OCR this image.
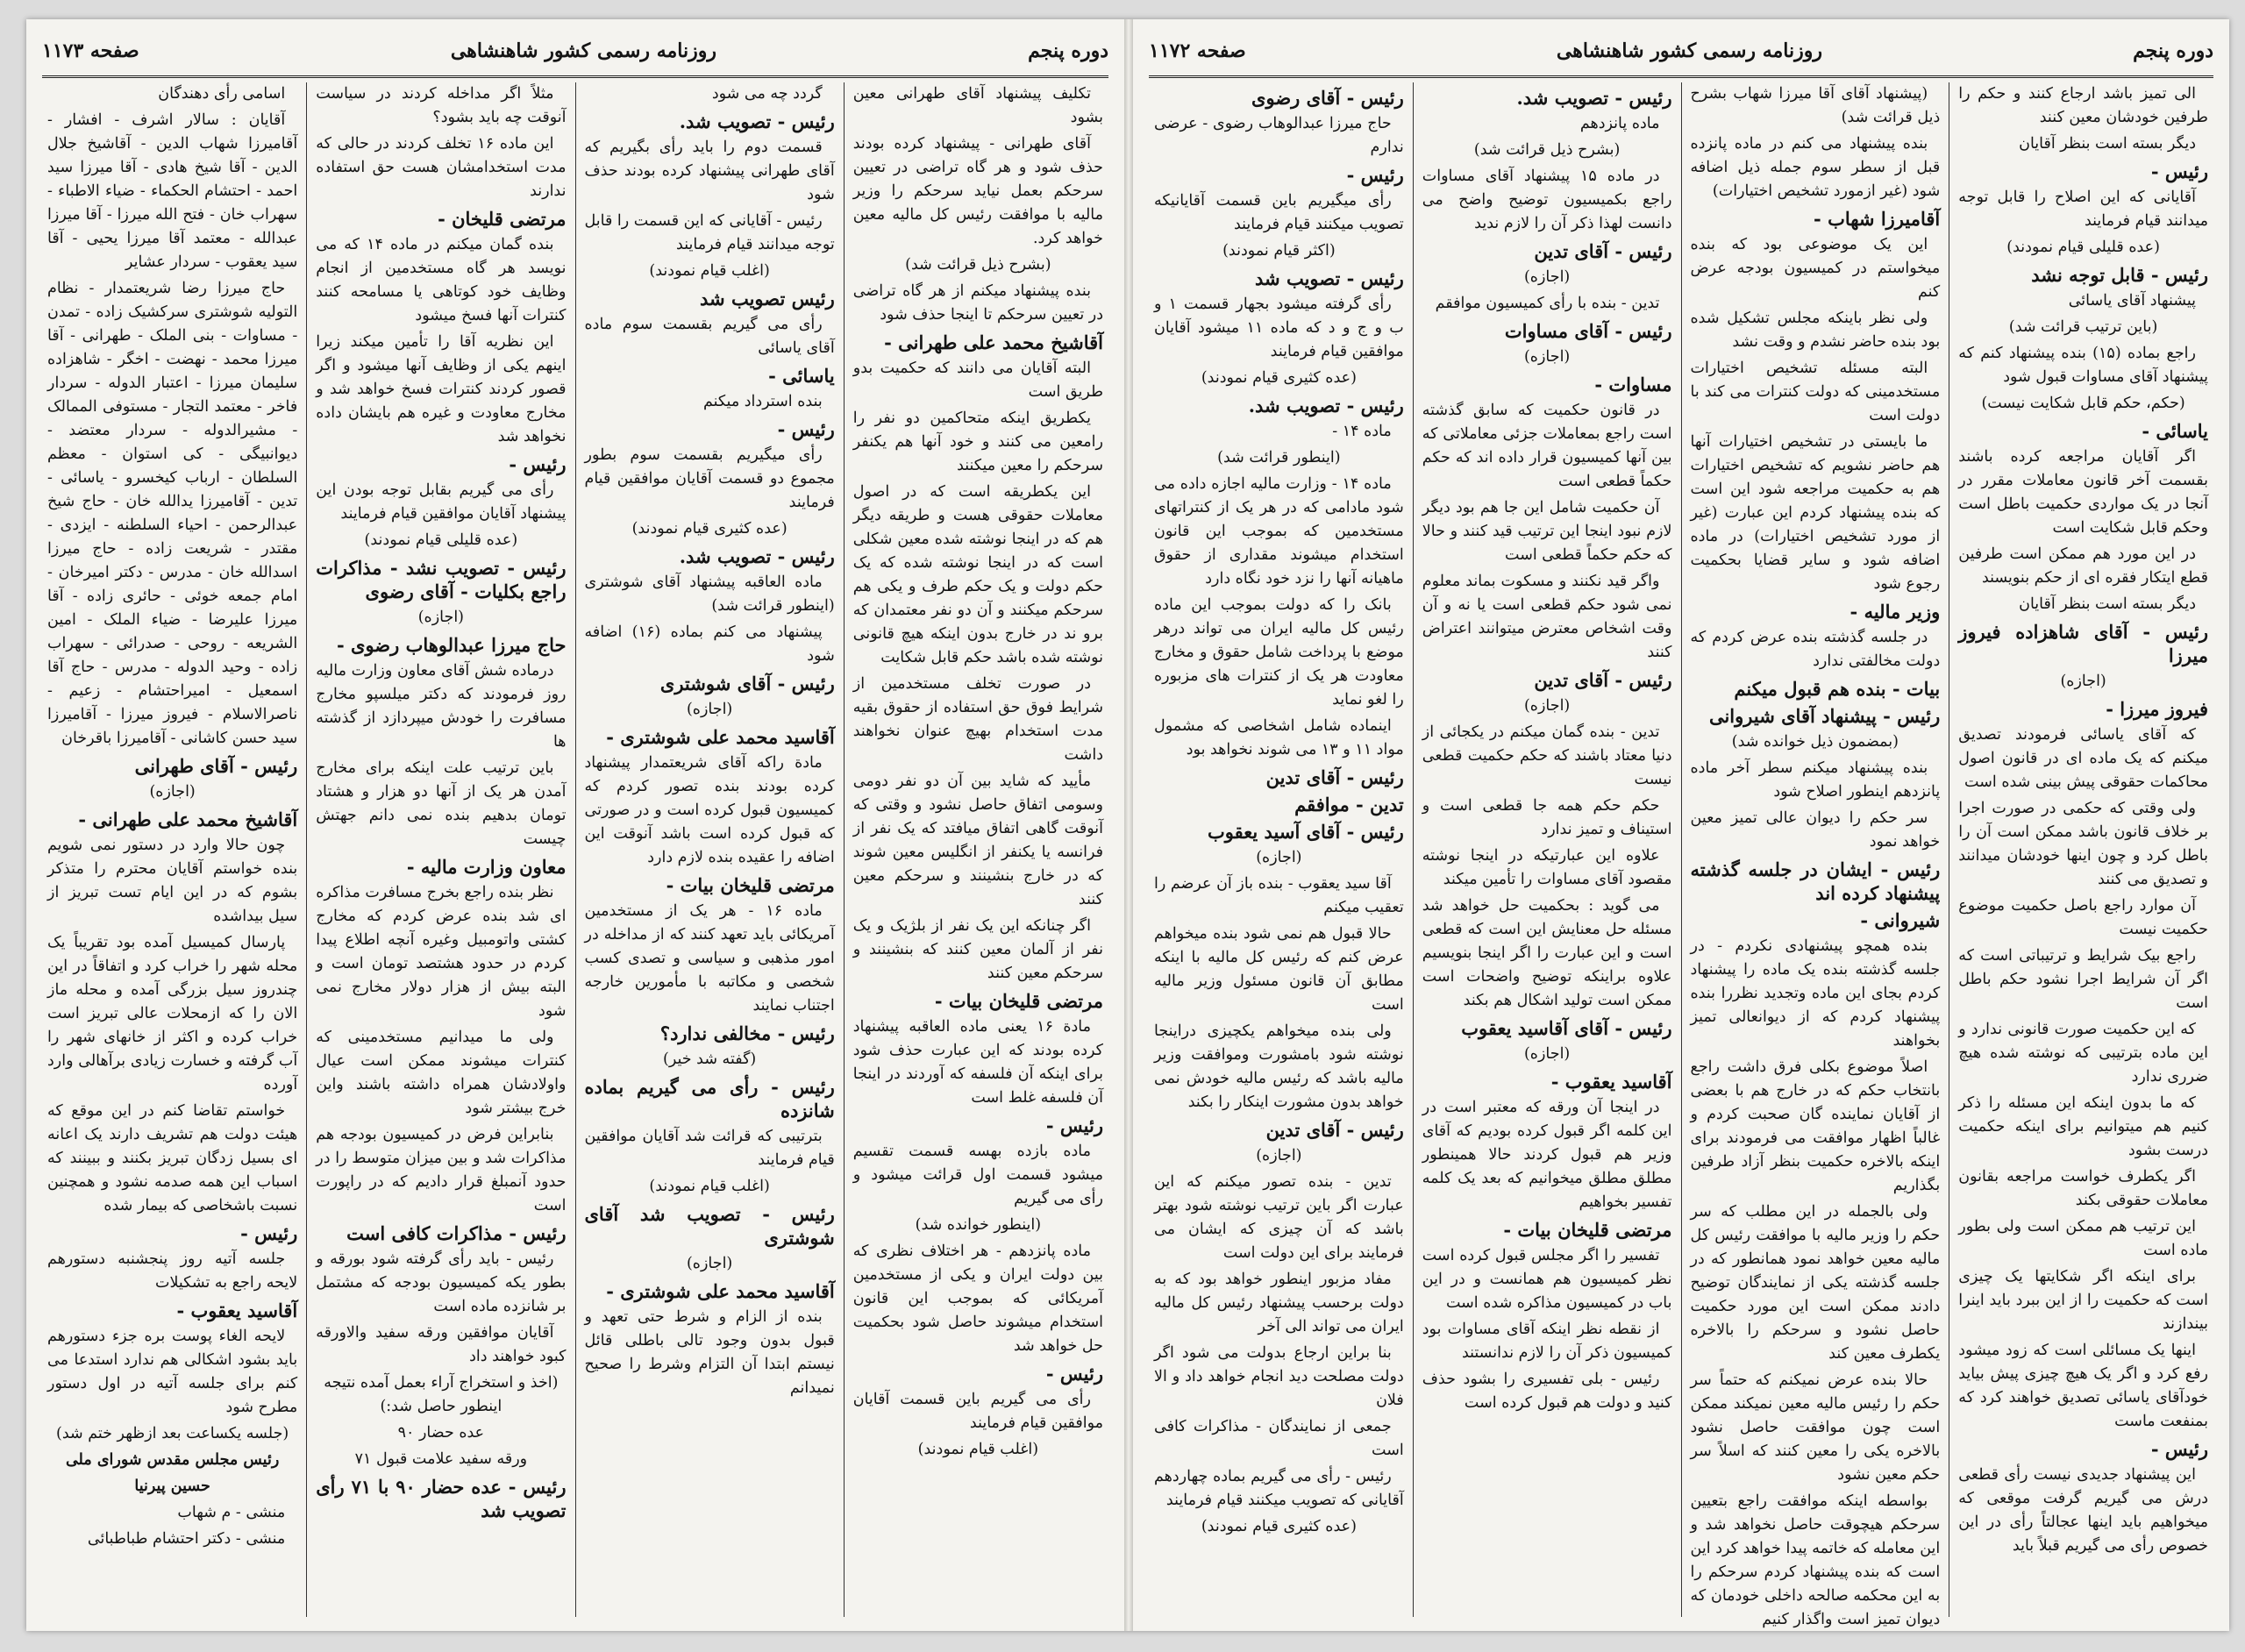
دوره پنجم
روزنامه رسمی کشور شاهنشاهی
صفحه ۱۱۷۳

تکلیف پیشنهاد آقای طهرانی معین بشود

آقای طهرانی - پیشنهاد کرده بودند حذف شود و هر گاه تراضی در تعیین سرحکم بعمل نیاید سرحکم را وزیر مالیه با موافقت رئیس کل مالیه معین خواهد کرد.

(بشرح ذیل قرائت شد)

بنده پیشنهاد میکنم از هر گاه تراضی در تعیین سرحکم تا اینجا حذف شود

آقاشیخ محمد علی طهرانی -

البته آقایان می دانند که حکمیت بدو طریق است

یکطریق اینکه متحاکمین دو نفر را رامعین می کنند و خود آنها هم یکنفر سرحکم را معین میکنند

این یکطریقه است که در اصول معاملات حقوقی هست و طریقه دیگر هم که در اینجا نوشته شده معین شکلی است که در اینجا نوشته شده که یک حکم دولت و یک حکم طرف و یکی هم سرحکم میکنند و آن دو نفر معتمدان که برو ند در خارج بدون اینکه هیچ قانونی نوشته شده باشد حکم قابل شکایت

در صورت تخلف مستخدمین از شرایط فوق حق استفاده از حقوق بقیه مدت استخدام بهیچ عنوان نخواهند داشت

مأیید که شاید بین آن دو نفر دومی وسومی اتفاق حاصل نشود و وقتی که آنوقت گاهی اتفاق میافتد که یک نفر از فرانسه یا یکنفر از انگلیس معین شوند که در خارج بنشینند و سرحکم معین کنند

اگر چنانکه این یک نفر از بلژیک و یک نفر از آلمان معین کنند که بنشینند و سرحکم معین کنند

مرتضی قلیخان بیات -

مادة ۱۶ یعنی ماده العاقبه پیشنهاد کرده بودند که این عبارت حذف شود برای اینکه آن فلسفه که آوردند در اینجا آن فلسفه غلط است

رئیس -

ماده بازده بهسه قسمت تقسیم میشود قسمت اول قرائت میشود و رأی می گیریم

(اینطور خوانده شد)

ماده پانزدهم - هر اختلاف نظری که بین دولت ایران و یکی از مستخدمین آمریکائی که بموجب این قانون استخدام میشوند حاصل شود بحکمیت حل خواهد شد

رئیس -

رأی می گیریم باین قسمت آقایان موافقین قیام فرمایند

(اغلب قیام نمودند)

گردد چه می شود

رئیس - تصویب شد.

قسمت دوم را باید رأی بگیریم که آقای طهرانی پیشنهاد کرده بودند حذف شود

رئیس - آقایانی که این قسمت را قابل توجه میدانند قیام فرمایند

(اغلب قیام نمودند)

رئیس تصویب شد

رأی می گیریم بقسمت سوم ماده آقای یاسائی

یاسائی -

بنده استرداد میکنم

رئیس -

رأی میگیریم بقسمت سوم بطور مجموع دو قسمت آقایان موافقین قیام فرمایند

(عده کثیری قیام نمودند)

رئیس - تصویب شد.

ماده العاقبه پیشنهاد آقای شوشتری (اینطور قرائت شد)

پیشنهاد می کنم بماده (۱۶) اضافه شود

رئیس - آقای شوشتری

(اجازه)

آقاسید محمد علی شوشتری -

مادة راکه آقای شریعتمدار پیشنهاد کرده بودند بنده تصور کردم که کمیسیون قبول کرده است و در صورتی که قبول کرده است باشد آنوقت این اضافه را عقیده بنده لازم دارد

مرتضی قلیخان بیات -

ماده ۱۶ - هر یک از مستخدمین آمریکائی باید تعهد کنند که از مداخله در امور مذهبی و سیاسی و تصدی کسب شخصی و مکاتبه با مأمورین خارجه اجتناب نمایند

رئیس - مخالفی ندارد؟

(گفته شد خیر)

رئیس - رأی می گیریم بماده شانزده

بترتیبی که قرائت شد آقایان موافقین قیام فرمایند

(اغلب قیام نمودند)

رئیس - تصویب شد آقای شوشتری

(اجازه)

آقاسید محمد علی شوشتری -

بنده از الزام و شرط حتی تعهد و قبول بدون وجود تالی باطلی قائل نیستم ابتدا آن التزام وشرط را صحیح نمیدانم

مثلاً اگر مداخله کردند در سیاست آنوقت چه باید بشود؟

این ماده ۱۶ تخلف کردند در حالی که مدت استخدامشان هست حق استفاده ندارند

مرتضی قلیخان -

بنده گمان میکنم در ماده ۱۴ که می نویسد هر گاه مستخدمین از انجام وظایف خود کوتاهی یا مسامحه کنند کنترات آنها فسخ میشود

این نظریه آقا را تأمین میکند زیرا اینهم یکی از وظایف آنها میشود و اگر قصور کردند کنترات فسخ خواهد شد و مخارج معاودت و غیره هم بایشان داده نخواهد شد

رئیس -

رأی می گیریم بقابل توجه بودن این پیشنهاد آقایان موافقین قیام فرمایند

(عده قلیلی قیام نمودند)

رئیس - تصویب نشد - مذاکرات راجع بکلیات - آقای رضوی

(اجازه)

حاج میرزا عبدالوهاب رضوی -

درماده شش آقای معاون وزارت مالیه روز فرمودند که دکتر میلسپو مخارج مسافرت را خودش میپردازد از گذشته ها

باین ترتیب علت اینکه برای مخارج آمدن هر یک از آنها دو هزار و هشتاد تومان بدهیم بنده نمی دانم جهتش چیست

معاون وزارت مالیه -

نظر بنده راجع بخرج مسافرت مذاکره ای شد بنده عرض کردم که مخارج کشتی واتومبیل وغیره آنچه اطلاع پیدا کردم در حدود هشتصد تومان است و البته بیش از هزار دولار مخارج نمی شود

ولی ما میدانیم مستخدمینی که کنترات میشوند ممکن است عیال واولادشان همراه داشته باشند واین خرج بیشتر شود

بنابراین فرض در کمیسیون بودجه هم مذاکرات شد و بین میزان متوسط را در حدود آنمبلغ قرار دادیم که در راپورت است

رئیس - مذاکرات کافی است

رئیس - باید رأی گرفته شود بورقه و بطور یکه کمیسیون بودجه که مشتمل بر شانزده ماده است

آقایان موافقین ورقه سفید والاورقه کبود خواهند داد

(اخذ و استخراج آراء بعمل آمده نتیجه اینطور حاصل شد:)

عده حضار ۹۰

ورقه سفید علامت قبول ۷۱

رئیس - عده حضار ۹۰ با ۷۱ رأی تصویب شد

اسامی رأی دهندگان

آقایان : سالار اشرف - افشار - آقامیرزا شهاب الدین - آقاشیخ جلال الدین - آقا شیخ هادی - آقا میرزا سید احمد - احتشام الحکماء - ضیاء الاطباء - سهراب خان - فتح الله میرزا - آقا میرزا عبدالله - معتمد آقا میرزا یحیی - آقا سید یعقوب - سردار عشایر

حاج میرزا رضا شریعتمدار - نظام التولیه شوشتری سرکشیک زاده - تمدن - مساوات - بنی الملک - طهرانی - آقا میرزا محمد - نهضت - اخگر - شاهزاده سلیمان میرزا - اعتبار الدوله - سردار فاخر - معتمد التجار - مستوفی الممالک - مشیرالدوله - سردار معتضد - دیوانبیگی - کی استوان - معظم السلطان - ارباب کیخسرو - یاسائی - تدین - آقامیرزا یدالله خان - حاج شیخ عبدالرحمن - احیاء السلطنه - ایزدی - مقتدر - شریعت زاده - حاج میرزا اسدالله خان - مدرس - دکتر امیرخان - امام جمعه خوئی - حائری زاده - آقا میرزا علیرضا - ضیاء الملک - امین الشریعه - روحی - صدرائی - سهراب زاده - وحید الدوله - مدرس - حاج آقا اسمعیل - امیراحتشام - زعیم - ناصرالاسلام - فیروز میرزا - آقامیرزا سید حسن کاشانی - آقامیرزا باقرخان

رئیس - آقای طهرانی

(اجازه)

آقاشیخ محمد علی طهرانی -

چون حالا وارد در دستور نمی شویم بنده خواستم آقایان محترم را متذکر بشوم که در این ایام تست تبریز از سیل بیداشده

پارسال کمیسیل آمده بود تقریباً یک محله شهر را خراب کرد و اتفاقاً در این چندروز سیل بزرگی آمده و محله ماز الان را که ازمحلات عالی تبریز است خراب کرده و اکثر از خانهای شهر را آب گرفته و خسارت زیادی برآهالی وارد آورده

خواستم تقاضا کنم در این موقع که هیئت دولت هم تشریف دارند یک اعانه ای بسیل زدگان تبریز بکنند و ببینند که اسباب این همه صدمه نشود و همچنین نسبت باشخاصی که بیمار شده

رئیس -

جلسه آتیه روز پنجشنبه دستورهم لایحه راجع به تشکیلات

آقاسید یعقوب -

لایحه الغاء پوست بره جزء دستورهم باید بشود اشکالی هم ندارد استدعا می کنم برای جلسه آتیه در اول دستور مطرح شود

(جلسه یکساعت بعد ازظهر ختم شد)

رئیس مجلس مقدس شورای ملی

حسین پیرنیا

منشی - م شهاب

منشی - دکتر احتشام طباطبائی

دوره پنجم
روزنامه رسمی کشور شاهنشاهی
صفحه ۱۱۷۲

الی تمیز باشد ارجاع کنند و حکم را طرفین خودشان معین کنند

دیگر بسته است بنظر آقایان

رئیس -

آقایانی که این اصلاح را قابل توجه میدانند قیام فرمایند

(عده قلیلی قیام نمودند)

رئیس - قابل توجه نشد

پیشنهاد آقای یاسائی

(باین ترتیب قرائت شد)

راجع بماده (۱۵) بنده پیشنهاد کنم که پیشنهاد آقای مساوات قبول شود

(حکم، حکم قابل شکایت نیست)

یاسائی -

اگر آقایان مراجعه کرده باشند بقسمت آخر قانون معاملات مقرر در آنجا در یک مواردی حکمیت باطل است وحکم قابل شکایت است

در این مورد هم ممکن است طرفین قطع ایتکار فقره ای از حکم بنویسند

دیگر بسته است بنظر آقایان

رئیس - آقای شاهزاده فیروز میرزا

(اجازه)

فیروز میرزا -

که آقای یاسائی فرمودند تصدیق میکنم که یک ماده ای در قانون اصول محاکمات حقوقی پیش بینی شده است

ولی وقتی که حکمی در صورت اجرا بر خلاف قانون باشد ممکن است آن را باطل کرد و چون اینها خودشان میدانند و تصدیق می کنند

آن موارد راجع باصل حکمیت موضوع حکمیت نیست

راجع بیک شرایط و ترتیباتی است که اگر آن شرایط اجرا نشود حکم باطل است

که این حکمیت صورت قانونی ندارد و این ماده بترتیبی که نوشته شده هیچ ضرری ندارد

که ما بدون اینکه این مسئله را ذکر کنیم هم میتوانیم برای اینکه حکمیت درست بشود

اگر یکطرف خواست مراجعه بقانون معاملات حقوقی بکند

این ترتیب هم ممکن است ولی بطور ماده است

برای اینکه اگر شکایتها یک چیزی است که حکمیت را از این ببرد باید اینرا بیندازند

اینها یک مسائلی است که زود میشود رفع کرد و اگر یک هیچ چیزی پیش بیاید خودآقای یاسائی تصدیق خواهند کرد که بمنفعت ماست

رئیس -

این پیشنهاد جدیدی نیست رأی قطعی درش می گیریم گرفت موقعی که میخواهیم باید اینها عجالتاً رأی در این خصوص رأی می گیریم قبلاً باید

(پیشنهاد آقای آقا میرزا شهاب بشرح ذیل قرائت شد)

بنده پیشنهاد می کنم در ماده پانزده قبل از سطر سوم جمله ذیل اضافه شود (غیر ازمورد تشخیص اختیارات)

آقامیرزا شهاب -

این یک موضوعی بود که بنده میخواستم در کمیسیون بودجه عرض کنم

ولی نظر باینکه مجلس تشکیل شده بود بنده حاضر نشدم و وقت نشد

البته مسئله تشخیص اختیارات مستخدمینی که دولت کنترات می کند با دولت است

ما بایستی در تشخیص اختیارات آنها هم حاضر نشویم که تشخیص اختیارات هم به حکمیت مراجعه شود این است که بنده پیشنهاد کردم این عبارت (غیر از مورد تشخیص اختیارات) در ماده اضافه شود و سایر قضایا بحکمیت رجوع شود

وزیر مالیه -

در جلسه گذشته بنده عرض کردم که دولت مخالفتی ندارد

بیات - بنده هم قبول میکنم

رئیس - پیشنهاد آقای شیروانی

(بمضمون ذیل خوانده شد)

بنده پیشنهاد میکنم سطر آخر ماده پانزدهم اینطور اصلاح شود

سر حکم را دیوان عالی تمیز معین خواهد نمود

رئیس - ایشان در جلسه گذشته پیشنهاد کرده اند

شیروانی -

بنده همچو پیشنهادی نکردم - در جلسه گذشته بنده یک ماده را پیشنهاد کردم بجای این ماده وتجدید نظررا بنده پیشنهاد کردم که از دیوانعالی تمیز بخواهند

اصلاً موضوع بکلی فرق داشت راجع بانتخاب حکم که در خارج هم با بعضی از آقایان نماینده گان صحبت کردم و غالباً اظهار موافقت می فرمودند برای اینکه بالاخره حکمیت بنظر آزاد طرفین بگذاریم

ولی بالجمله در این مطلب که سر حکم را وزیر مالیه با موافقت رئیس کل مالیه معین خواهد نمود همانطور که در جلسه گذشته یکی از نمایندگان توضیح دادند ممکن است این مورد حکمیت حاصل نشود و سرحکم را بالاخره یکطرف معین کند

حالا بنده عرض نمیکنم که حتماً سر حکم را رئیس مالیه معین نمیکند ممکن است چون موافقت حاصل نشود بالاخره یکی را معین کنند که اسلاً سر حکم معین نشود

بواسطه اینکه موافقت راجع بتعیین سرحکم هیچوقت حاصل نخواهد شد و این معامله که خاتمه پیدا خواهد کرد این است که بنده پیشنهاد کردم سرحکم را به این محکمه صالحه داخلی خودمان که دیوان تمیز است واگذار کنیم

رئیس - تصویب شد.

ماده پانزدهم

(بشرح ذیل قرائت شد)

در ماده ۱۵ پیشنهاد آقای مساوات راجع بکمیسیون توضیح واضح می دانست لهذا ذکر آن را لازم ندید

رئیس - آقای تدین

(اجازه)

تدین - بنده با رأی کمیسیون موافقم

رئیس - آقای مساوات

(اجازه)

مساوات -

در قانون حکمیت که سابق گذشته است راجع بمعاملات جزئی معاملاتی که بین آنها کمیسیون قرار داده اند که حکم حکماً قطعی است

آن حکمیت شامل این جا هم بود دیگر لازم نبود اینجا این ترتیب قید کنند و حالا که حکم حکماً قطعی است

واگر قید نکنند و مسکوت بماند معلوم نمی شود حکم قطعی است یا نه و آن وقت اشخاص معترض میتوانند اعتراض کنند

رئیس - آقای تدین

(اجازه)

تدین - بنده گمان میکنم در یکجائی از دنیا معتاد باشند که حکم حکمیت قطعی نیست

حکم حکم همه جا قطعی است و استیناف و تمیز ندارد

علاوه این عبارتیکه در اینجا نوشته مقصود آقای مساوات را تأمین میکند

می گوید : بحکمیت حل خواهد شد مسئله حل معنایش این است که قطعی است و این عبارت را اگر اینجا بنویسیم علاوه براینکه توضیح واضحات است ممکن است تولید اشکال هم بکند

رئیس - آقای آقاسید یعقوب

(اجازه)

آقاسید یعقوب -

در اینجا آن ورقه که معتبر است در این کلمه اگر قبول کرده بودیم که آقای وزیر هم قبول کردند حالا همینطور مطلق مطلق میخوانیم که بعد یک کلمه تفسیر بخواهیم

مرتضی قلیخان بیات -

تفسیر را اگر مجلس قبول کرده است نظر کمیسیون هم همانست و در این باب در کمیسیون مذاکره شده است

از نقطه نظر اینکه آقای مساوات بود کمیسیون ذکر آن را لازم ندانستند

رئیس - بلی تفسیری را بشود حذف کنید و دولت هم قبول کرده است

رئیس - آقای رضوی

حاج میرزا عبدالوهاب رضوی - عرضی ندارم

رئیس -

رأی میگیریم باین قسمت آقایانیکه تصویب میکنند قیام فرمایند

(اکثر قیام نمودند)

رئیس - تصویب شد

رأی گرفته میشود بجهار قسمت ۱ و ب و ج و د که ماده ۱۱ میشود آقایان موافقین قیام فرمایند

(عده کثیری قیام نمودند)

رئیس - تصویب شد.

ماده ۱۴ -

(اینطور قرائت شد)

ماده ۱۴ - وزارت مالیه اجازه داده می شود مادامی که در هر یک از کنتراتهای مستخدمین که بموجب این قانون استخدام میشوند مقداری از حقوق ماهیانه آنها را نزد خود نگاه دارد

بانک را که دولت بموجب این ماده رئیس کل مالیه ایران می تواند درهر موضع با پرداخت شامل حقوق و مخارج معاودت هر یک از کنترات های مزبوره را لغو نماید

اینماده شامل اشخاصی که مشمول مواد ۱۱ و ۱۳ می شوند نخواهد بود

رئیس - آقای تدین

تدین - موافقم

رئیس - آقای آسید یعقوب

(اجازه)

آقا سید یعقوب - بنده باز آن عرضم را تعقیب میکنم

حالا قبول هم نمی شود بنده میخواهم عرض کنم که رئیس کل مالیه با اینکه مطابق آن قانون مسئول وزیر مالیه است

ولی بنده میخواهم یکچیزی دراینجا نوشته شود بامشورت وموافقت وزیر مالیه باشد که رئیس مالیه خودش نمی خواهد بدون مشورت اینکار را بکند

رئیس - آقای تدین

(اجازه)

تدین - بنده تصور میکنم که این عبارت اگر باین ترتیب نوشته شود بهتر باشد که آن چیزی که ایشان می فرمایند برای این دولت است

مفاد مزبور اینطور خواهد بود که به دولت برحسب پیشنهاد رئیس کل مالیه ایران می تواند الی آخر

بنا براین ارجاع بدولت می شود اگر دولت مصلحت دید انجام خواهد داد و الا فلان

جمعی از نمایندگان - مذاکرات کافی است

رئیس - رأی می گیریم بماده چهاردهم آقایانی که تصویب میکنند قیام فرمایند

(عده کثیری قیام نمودند)
